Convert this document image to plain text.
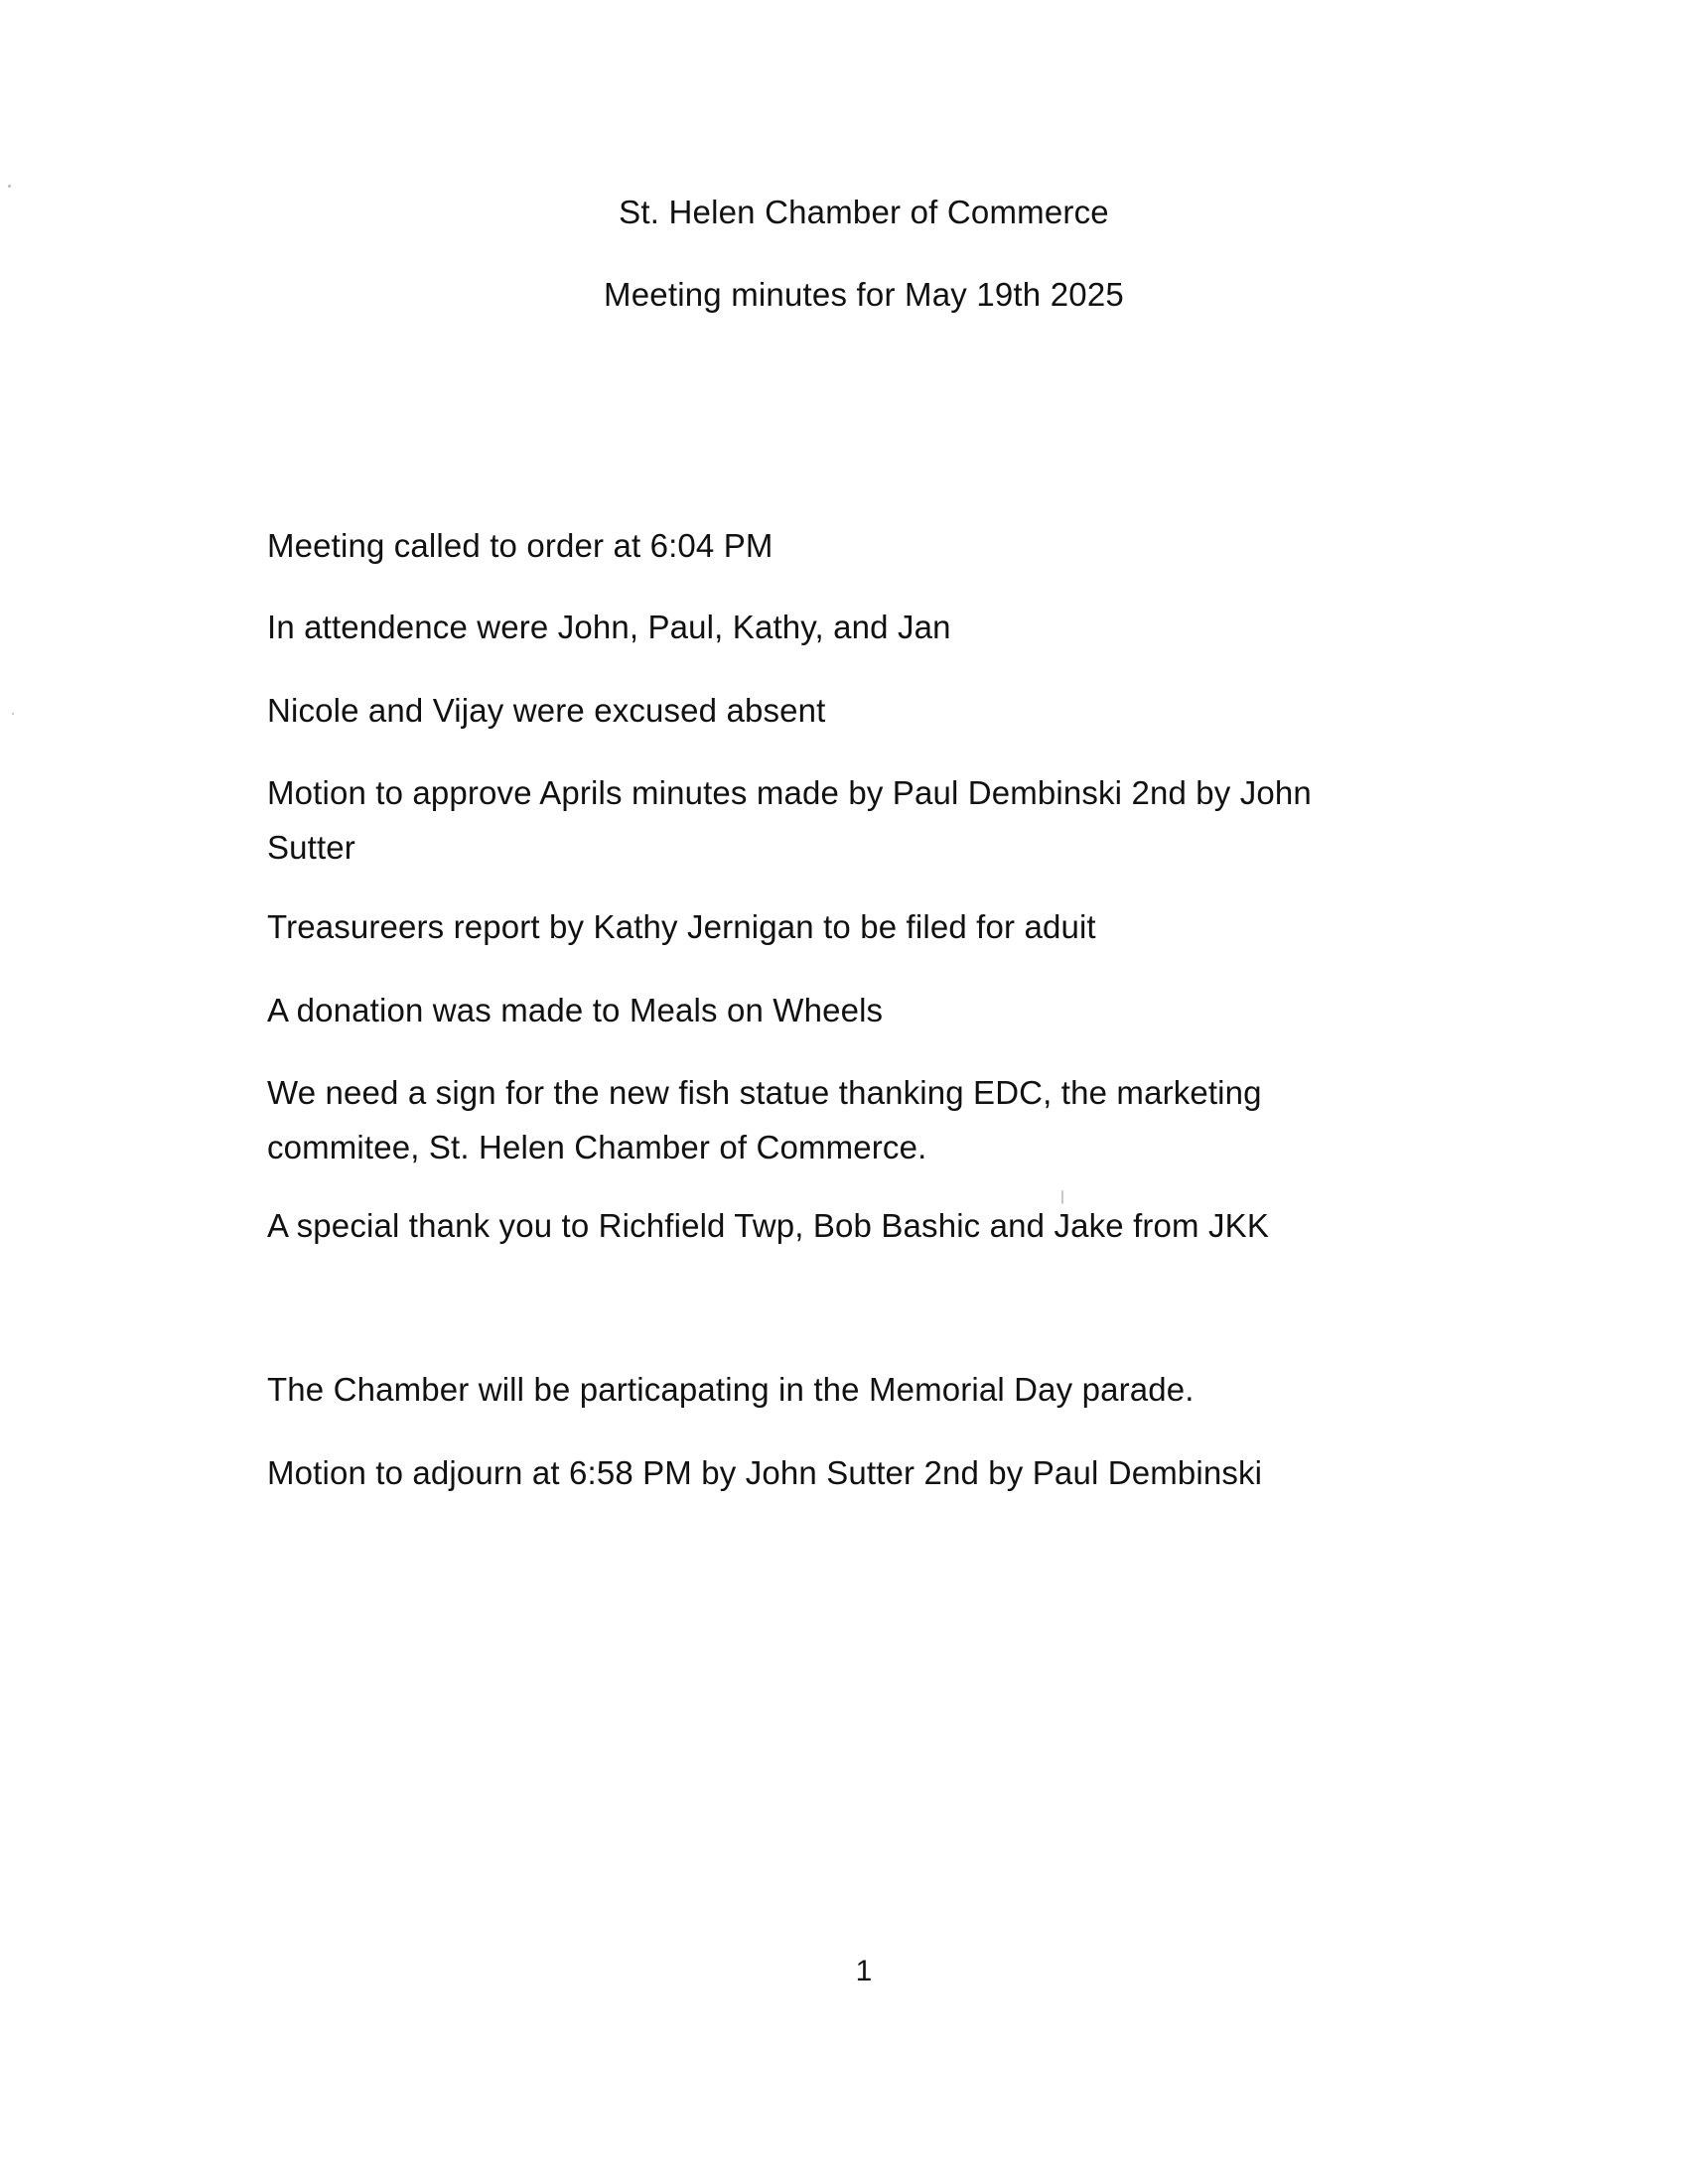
St. Helen Chamber of Commerce
Meeting minutes for May 19th 2025

Meeting called to order at 6:04 PM

In attendence were John, Paul, Kathy, and Jan

Nicole and Vijay were excused absent

Motion to approve Aprils minutes made by Paul Dembinski 2nd by John Sutter

Treasureers report by Kathy Jernigan to be filed for aduit

A donation was made to Meals on Wheels

We need a sign for the new fish statue thanking EDC, the marketing commitee, St. Helen Chamber of Commerce.

A special thank you to Richfield Twp, Bob Bashic and Jake from JKK

The Chamber will be particapating in the Memorial Day parade.

Motion to adjourn at 6:58 PM by John Sutter 2nd by Paul Dembinski

1
